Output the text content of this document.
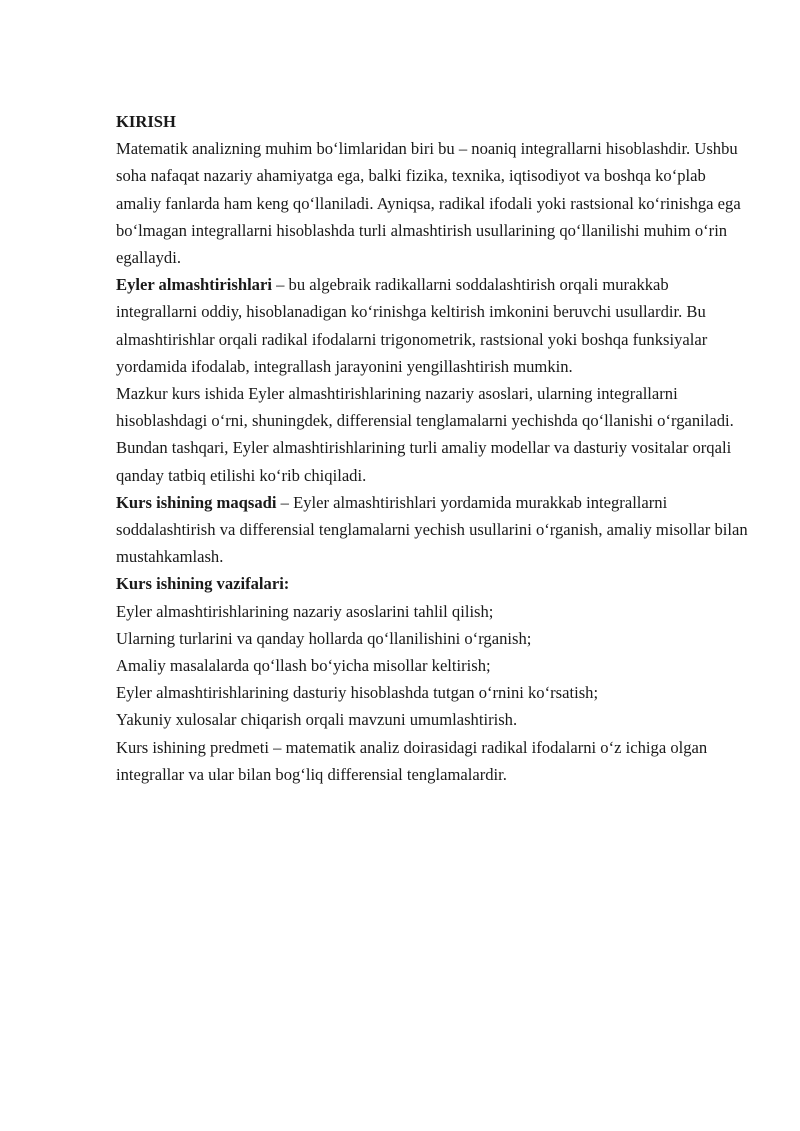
KIRISH

Matematik analizning muhim bo‘limlaridan biri bu – noaniq integrallarni hisoblashdir. Ushbu soha nafaqat nazariy ahamiyatga ega, balki fizika, texnika, iqtisodiyot va boshqa ko‘plab amaliy fanlarda ham keng qo‘llaniladi. Ayniqsa, radikal ifodali yoki rastsional ko‘rinishga ega bo‘lmagan integrallarni hisoblashda turli almashtirish usullarining qo‘llanilishi muhim o‘rin egallaydi.

Eyler almashtirishlari – bu algebraik radikallarni soddalashtirish orqali murakkab integrallarni oddiy, hisoblanadigan ko‘rinishga keltirish imkonini beruvchi usullardir. Bu almashtirishlar orqali radikal ifodalarni trigonometrik, rastsional yoki boshqa funksiyalar yordamida ifodalab, integrallash jarayonini yengillashtirish mumkin.

Mazkur kurs ishida Eyler almashtirishlarining nazariy asoslari, ularning integrallarni hisoblashdagi o‘rni, shuningdek, differensial tenglamalarni yechishda qo‘llanishi o‘rganiladi. Bundan tashqari, Eyler almashtirishlarining turli amaliy modellar va dasturiy vositalar orqali qanday tatbiq etilishi ko‘rib chiqiladi.

Kurs ishining maqsadi – Eyler almashtirishlari yordamida murakkab integrallarni soddalashtirish va differensial tenglamalarni yechish usullarini o‘rganish, amaliy misollar bilan mustahkamlash.

Kurs ishining vazifalari:

Eyler almashtirishlarining nazariy asoslarini tahlil qilish;

Ularning turlarini va qanday hollarda qo‘llanilishini o‘rganish;

Amaliy masalalarda qo‘llash bo‘yicha misollar keltirish;

Eyler almashtirishlarining dasturiy hisoblashda tutgan o‘rnini ko‘rsatish;

Yakuniy xulosalar chiqarish orqali mavzuni umumlashtirish.

Kurs ishining predmeti – matematik analiz doirasidagi radikal ifodalarni o‘z ichiga olgan integrallar va ular bilan bog‘liq differensial tenglamalardir.
